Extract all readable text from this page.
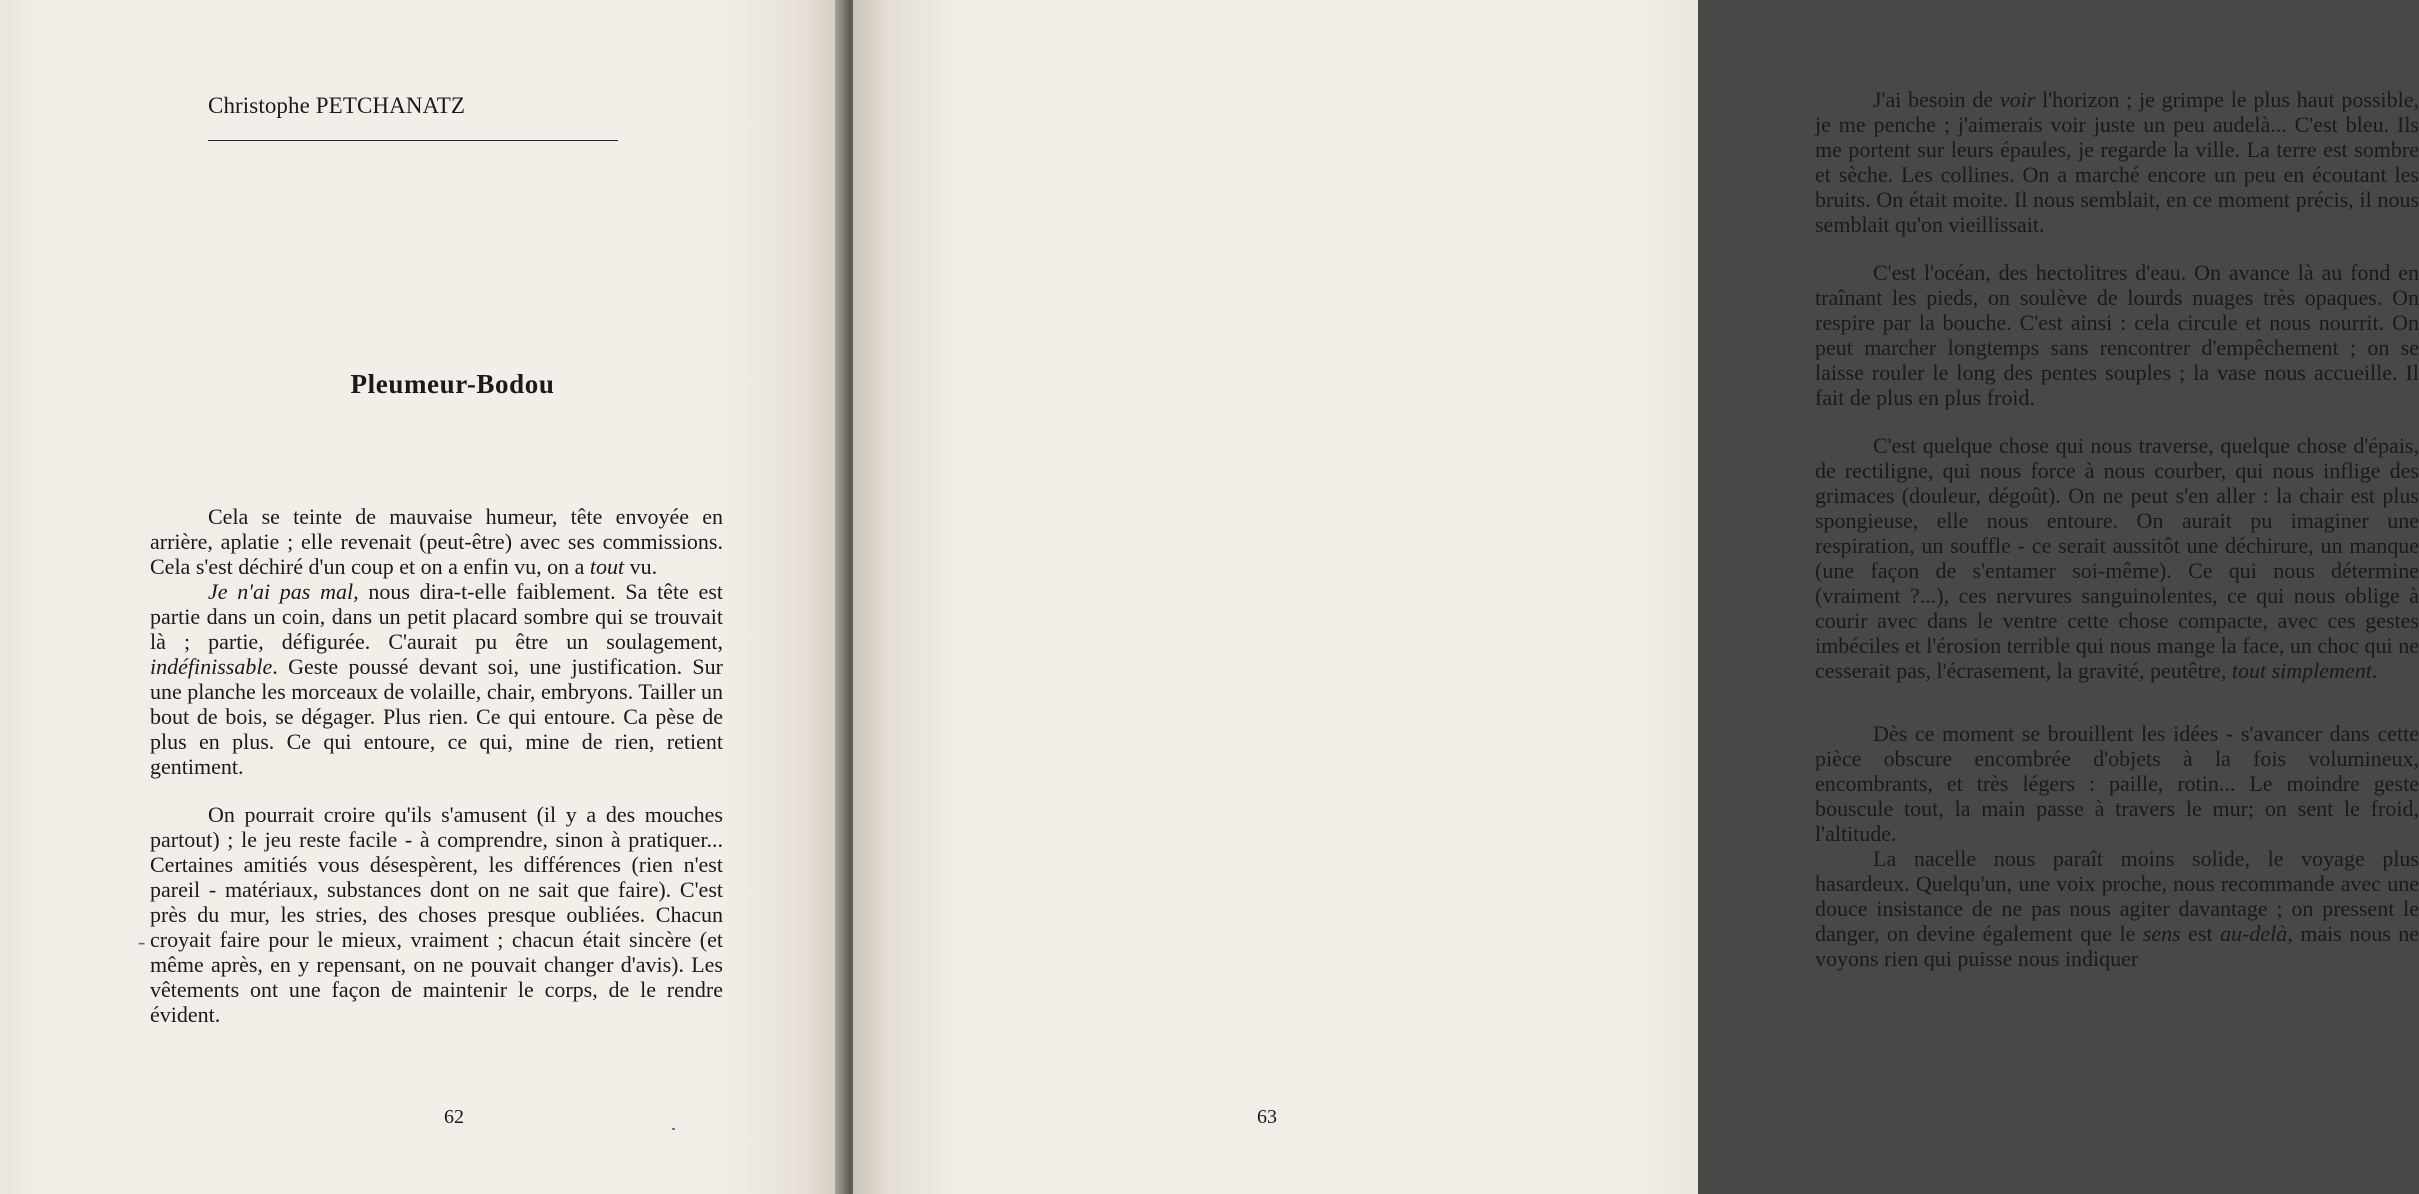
Christophe PETCHANATZ
Pleumeur-Bodou

Cela se teinte de mauvaise humeur, tête envoyée en arrière, aplatie ; elle revenait (peut-être) avec ses commissions. Cela s'est déchiré d'un coup et on a enfin vu, on a tout vu.

Je n'ai pas mal, nous dira-t-elle faiblement. Sa tête est partie dans un coin, dans un petit placard sombre qui se trouvait là ; partie, défigurée. C'aurait pu être un soulagement, indéfinissable. Geste poussé devant soi, une justification. Sur une planche les morceaux de volaille, chair, embryons. Tailler un bout de bois, se dégager. Plus rien. Ce qui entoure. Ca pèse de plus en plus. Ce qui entoure, ce qui, mine de rien, retient gentiment.

On pourrait croire qu'ils s'amusent (il y a des mouches partout) ; le jeu reste facile - à comprendre, sinon à pratiquer... Certaines amitiés vous désespèrent, les différences (rien n'est pareil - matériaux, substances dont on ne sait que faire). C'est près du mur, les stries, des choses presque oubliées. Chacun croyait faire pour le mieux, vraiment ; chacun était sincère (et même après, en y repensant, on ne pouvait changer d'avis). Les vêtements ont une façon de maintenir le corps, de le rendre évident.

-
62

J'ai besoin de voir l'horizon ; je grimpe le plus haut possible, je me penche ; j'aimerais voir juste un peu audelà... C'est bleu. Ils me portent sur leurs épaules, je regarde la ville. La terre est sombre et sèche. Les collines. On a marché encore un peu en écoutant les bruits. On était moite. Il nous semblait, en ce moment précis, il nous semblait qu'on vieillissait.

C'est l'océan, des hectolitres d'eau. On avance là au fond en traînant les pieds, on soulève de lourds nuages très opaques. On respire par la bouche. C'est ainsi : cela circule et nous nourrit. On peut marcher longtemps sans rencontrer d'empêchement ; on se laisse rouler le long des pentes souples ; la vase nous accueille. Il fait de plus en plus froid.

C'est quelque chose qui nous traverse, quelque chose d'épais, de rectiligne, qui nous force à nous courber, qui nous inflige des grimaces (douleur, dégoût). On ne peut s'en aller : la chair est plus spongieuse, elle nous entoure. On aurait pu imaginer une respiration, un souffle - ce serait aussitôt une déchirure, un manque (une façon de s'entamer soi-même). Ce qui nous détermine (vraiment ?...), ces nervures sanguinolentes, ce qui nous oblige à courir avec dans le ventre cette chose compacte, avec ces gestes imbéciles et l'érosion terrible qui nous mange la face, un choc qui ne cesserait pas, l'écrasement, la gravité, peutêtre, tout simplement.

Dès ce moment se brouillent les idées - s'avancer dans cette pièce obscure encombrée d'objets à la fois volumineux, encombrants, et très légers : paille, rotin... Le moindre geste bouscule tout, la main passe à travers le mur; on sent le froid, l'altitude.

La nacelle nous paraît moins solide, le voyage plus hasardeux. Quelqu'un, une voix proche, nous recommande avec une douce insistance de ne pas nous agiter davantage ; on pressent le danger, on devine également que le sens est au-delà, mais nous ne voyons rien qui puisse nous indiquer

63
